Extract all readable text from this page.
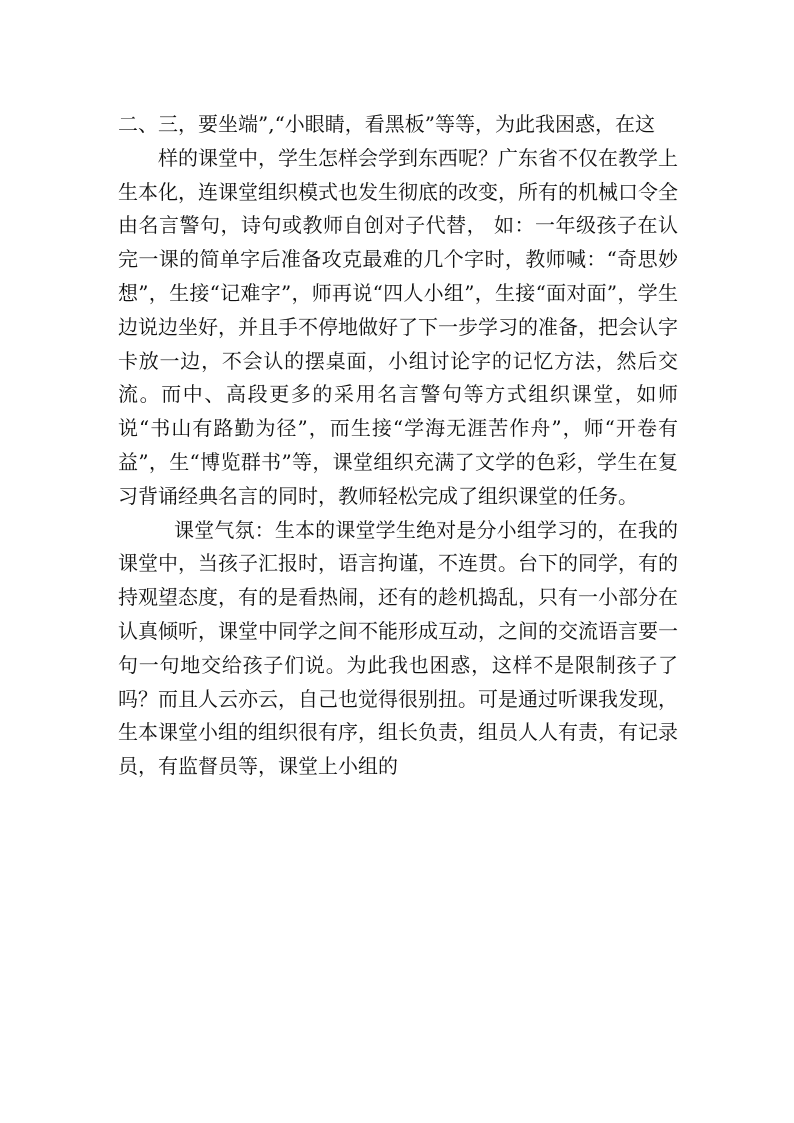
二、三，要坐端”,“小眼睛，看黑板”等等，为此我困惑，在这

样的课堂中，学生怎样会学到东西呢？广东省不仅在教学上生本化，连课堂组织模式也发生彻底的改变，所有的机械口令全由名言警句，诗句或教师自创对子代替， 如：一年级孩子在认完一课的简单字后准备攻克最难的几个字时，教师喊：“奇思妙想”，生接“记难字”，师再说“四人小组”，生接“面对面”，学生边说边坐好，并且手不停地做好了下一步学习的准备，把会认字卡放一边，不会认的摆桌面，小组讨论字的记忆方法，然后交流。而中、高段更多的采用名言警句等方式组织课堂，如师说“书山有路勤为径”，而生接“学海无涯苦作舟”，师“开卷有益”，生“博览群书”等，课堂组织充满了文学的色彩，学生在复习背诵经典名言的同时，教师轻松完成了组织课堂的任务。

课堂气氛：生本的课堂学生绝对是分小组学习的，在我的课堂中，当孩子汇报时，语言拘谨，不连贯。台下的同学，有的持观望态度，有的是看热闹，还有的趁机捣乱，只有一小部分在认真倾听，课堂中同学之间不能形成互动，之间的交流语言要一句一句地交给孩子们说。为此我也困惑，这样不是限制孩子了吗？而且人云亦云，自己也觉得很别扭。可是通过听课我发现，生本课堂小组的组织很有序，组长负责，组员人人有责，有记录员，有监督员等，课堂上小组的
